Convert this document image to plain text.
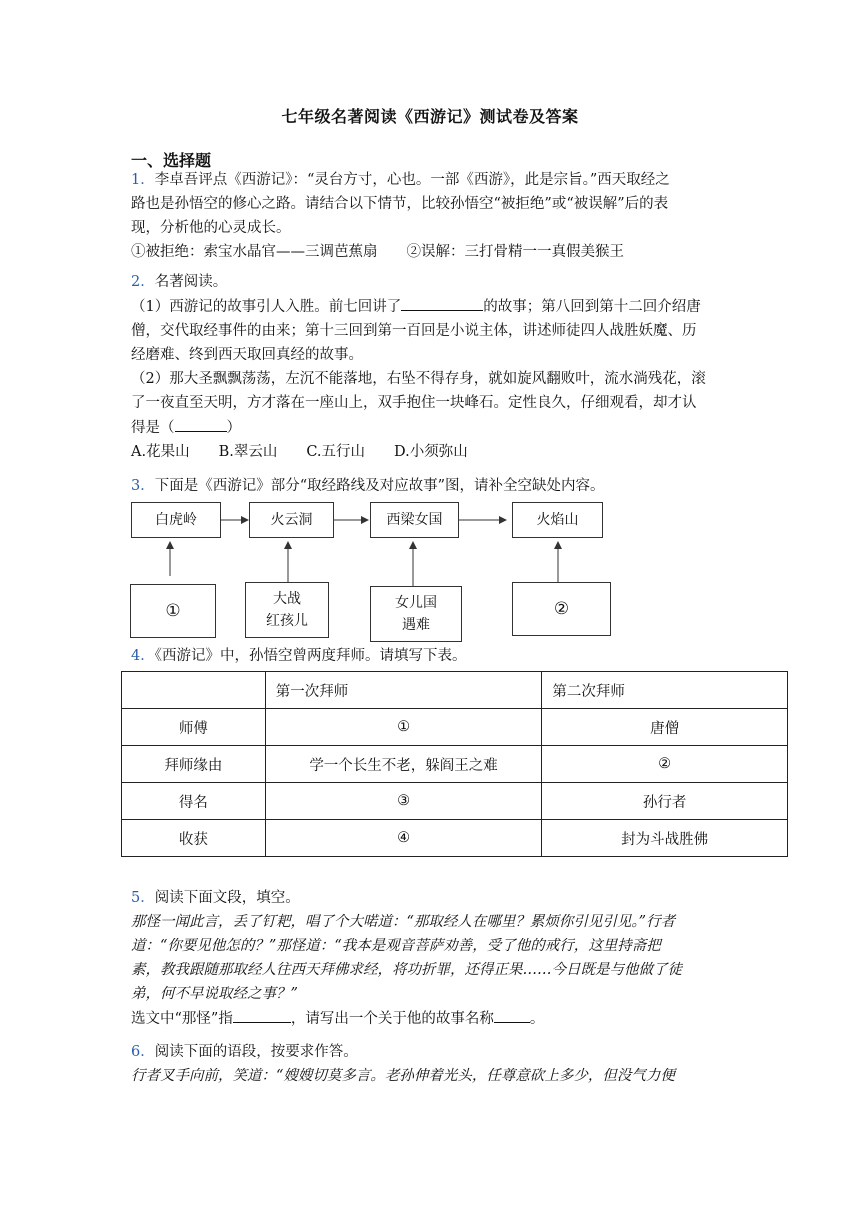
七年级名著阅读《西游记》测试卷及答案
一、选择题
1．李卓吾评点《西游记》：“灵台方寸，心也。一部《西游》，此是宗旨。”西天取经之
路也是孙悟空的修心之路。请结合以下情节，比较孙悟空“被拒绝”或“被误解”后的表
现，分析他的心灵成长。
①被拒绝：索宝水晶官——三调芭蕉扇　　②误解：三打骨精一一真假美猴王
2．名著阅读。
（1）西游记的故事引人入胜。前七回讲了	的故事；第八回到第十二回介绍唐
僧，交代取经事件的由来；第十三回到第一百回是小说主体，讲述师徒四人战胜妖魔、历
经磨难、终到西天取回真经的故事。
（2）那大圣飘飘荡荡，左沉不能落地，右坠不得存身，就如旋风翻败叶，流水淌残花，滚
了一夜直至天明，方才落在一座山上，双手抱住一块峰石。定性良久，仔细观看，却才认
得是（	）
A.花果山　　B.翠云山　　C.五行山　　D.小须弥山
3．下面是《西游记》部分“取经路线及对应故事”图，请补全空缺处内容。
白虎岭	火云洞	西梁女国	火焰山
①
大战
红孩儿
女儿国
遇难
②
4．《西游记》中，孙悟空曾两度拜师。请填写下表。
	第一次拜师	第二次拜师
师傅	①	唐僧
拜师缘由	学一个长生不老，躲阎王之难	②
得名	③	孙行者
收获	④	封为斗战胜佛
5．阅读下面文段，填空。
那怪一闻此言，丢了钉耙，唱了个大喏道：“那取经人在哪里？累烦你引见引见。”行者
道：“你要见他怎的？”那怪道：“我本是观音菩萨劝善，受了他的戒行，这里持斋把
素，教我跟随那取经人往西天拜佛求经，将功折罪，还得正果……今日既是与他做了徒
弟，何不早说取经之事？”
选文中“那怪”指	，请写出一个关于他的故事名称 。
6．阅读下面的语段，按要求作答。
行者叉手向前，笑道：“嫂嫂切莫多言。老孙伸着光头，任尊意砍上多少，但没气力便
